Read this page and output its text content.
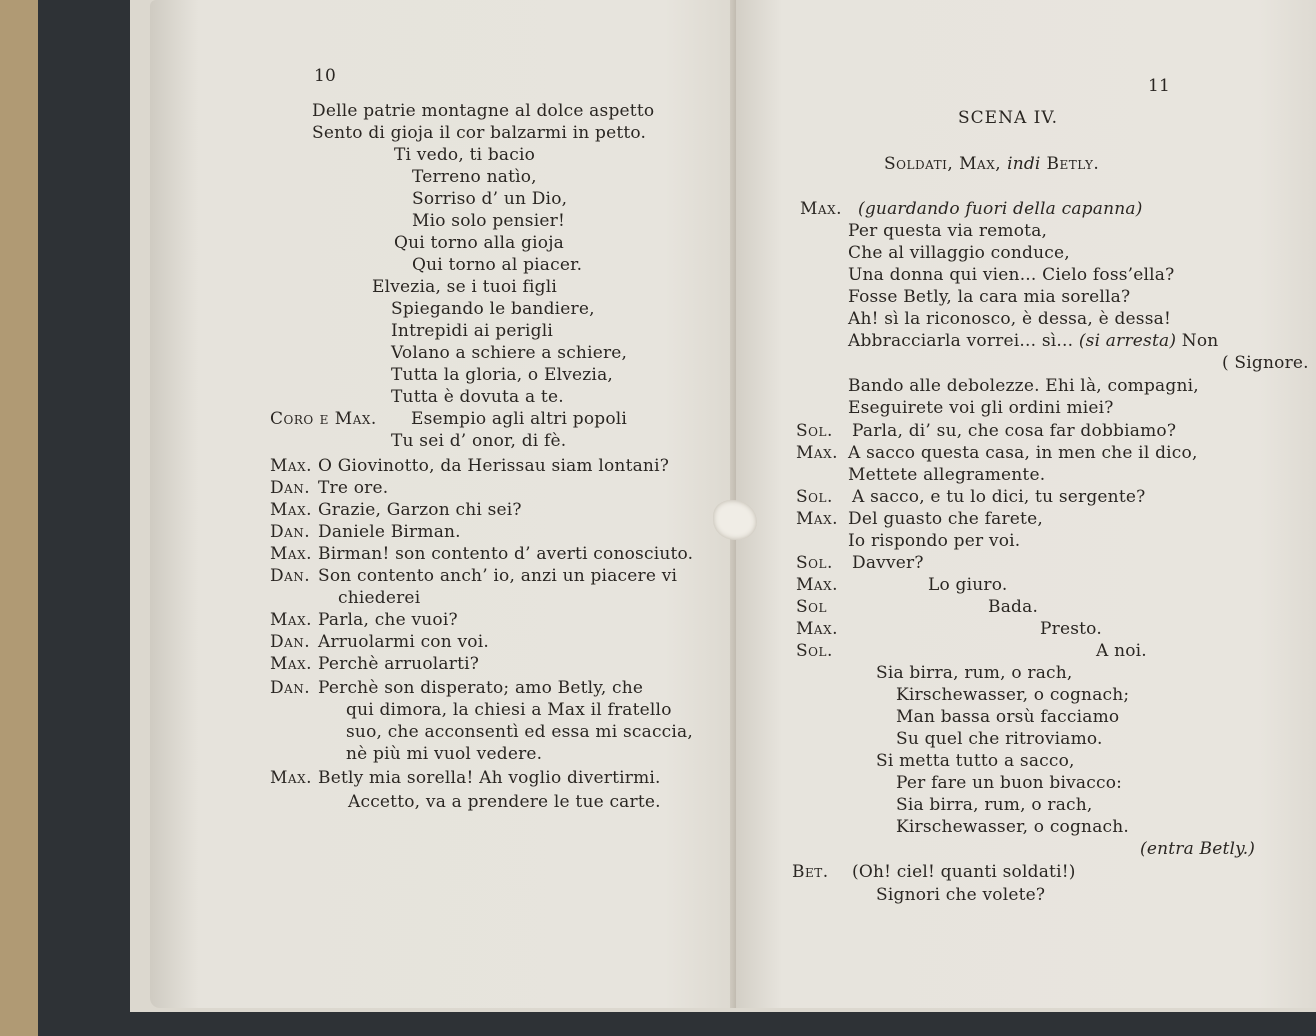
10
Delle patrie montagne al dolce aspetto
Sento di gioja il cor balzarmi in petto.
Ti vedo, ti bacio
Terreno natìo,
Sorriso d’ un Dio,
Mio solo pensier!
Qui torno alla gioja
Qui torno al piacer.
Elvezia, se i tuoi figli
Spiegando le bandiere,
Intrepidi ai perigli
Volano a schiere a schiere,
Tutta la gloria, o Elvezia,
Tutta è dovuta a te.
Coro e Max. Esempio agli altri popoli
Tu sei d’ onor, di fè.
Max. O Giovinotto, da Herissau siam lontani?
Dan. Tre ore.
Max. Grazie, Garzon chi sei?
Dan. Daniele Birman.
Max. Birman! son contento d’ averti conosciuto.
Dan. Son contento anch’ io, anzi un piacere vi
chiederei
Max. Parla, che vuoi?
Dan. Arruolarmi con voi.
Max. Perchè arruolarti?
Dan. Perchè son disperato; amo Betly, che
qui dimora, la chiesi a Max il fratello
suo, che acconsentì ed essa mi scaccia,
nè più mi vuol vedere.
Max. Betly mia sorella! Ah voglio divertirmi.
Accetto, va a prendere le tue carte.
11
SCENA IV.
Soldati, Max, indi Betly.
Max. (guardando fuori della capanna)
Per questa via remota,
Che al villaggio conduce,
Una donna qui vien... Cielo foss’ella?
Fosse Betly, la cara mia sorella?
Ah! sì la riconosco, è dessa, è dessa!
Abbracciarla vorrei... sì... (si arresta) Non
( Signore.
Bando alle debolezze. Ehi là, compagni,
Eseguirete voi gli ordini miei?
Sol. Parla, di’ su, che cosa far dobbiamo?
Max. A sacco questa casa, in men che il dico,
Mettete allegramente.
Sol. A sacco, e tu lo dici, tu sergente?
Max. Del guasto che farete,
Io rispondo per voi.
Sol. Davver?
Max.	Lo giuro.
Sol	Bada.
Max.	Presto.
Sol.	A noi.
Sia birra, rum, o rach,
Kirschewasser, o cognach;
Man bassa orsù facciamo
Su quel che ritroviamo.
Si metta tutto a sacco,
Per fare un buon bivacco:
Sia birra, rum, o rach,
Kirschewasser, o cognach.
(entra Betly.)
Bet. (Oh! ciel! quanti soldati!)
Signori che volete?
